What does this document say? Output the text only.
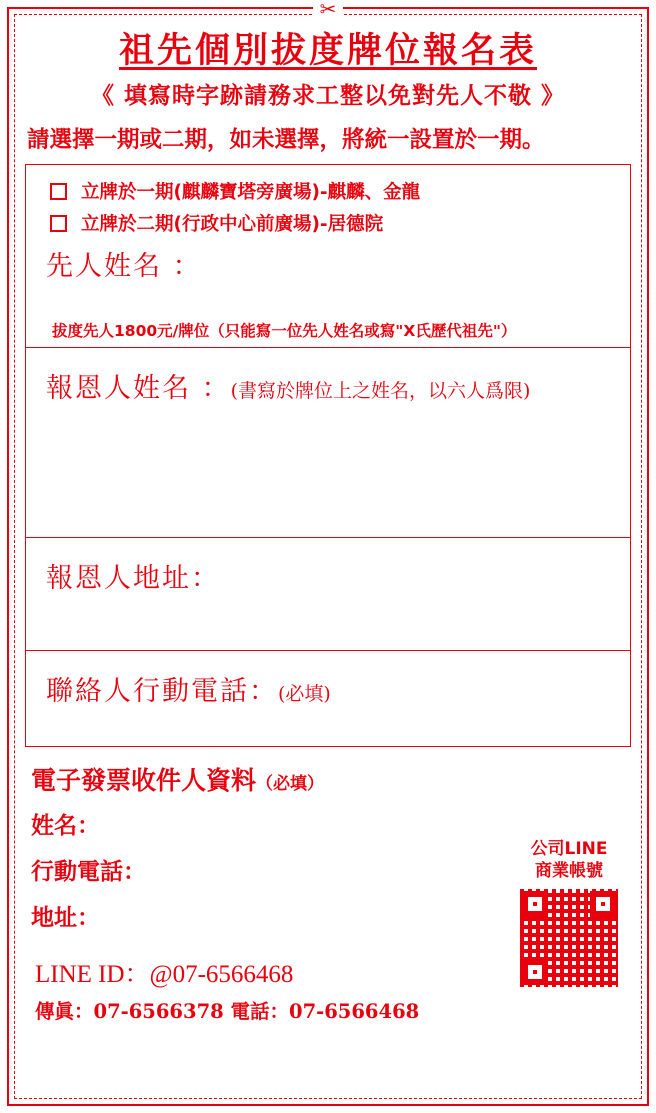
✂
祖先個別拔度牌位報名表
《 填寫時字跡請務求工整以免對先人不敬 》
請選擇一期或二期，如未選擇，將統一設置於一期。
立牌於一期(麒麟寶塔旁廣場)-麒麟、金龍
立牌於二期(行政中心前廣場)-居德院
先人姓名 ：
拔度先人1800元/牌位（只能寫一位先人姓名或寫"X氏歷代祖先"）
報恩人姓名 ：(書寫於牌位上之姓名，以六人爲限)
報恩人地址：
聯絡人行動電話：(必填)
電子發票收件人資料（必填）
姓名：
行動電話：
地址：
公司LINE
商業帳號
LINE ID：@07-6566468
傳眞：07-6566378 電話：07-6566468
